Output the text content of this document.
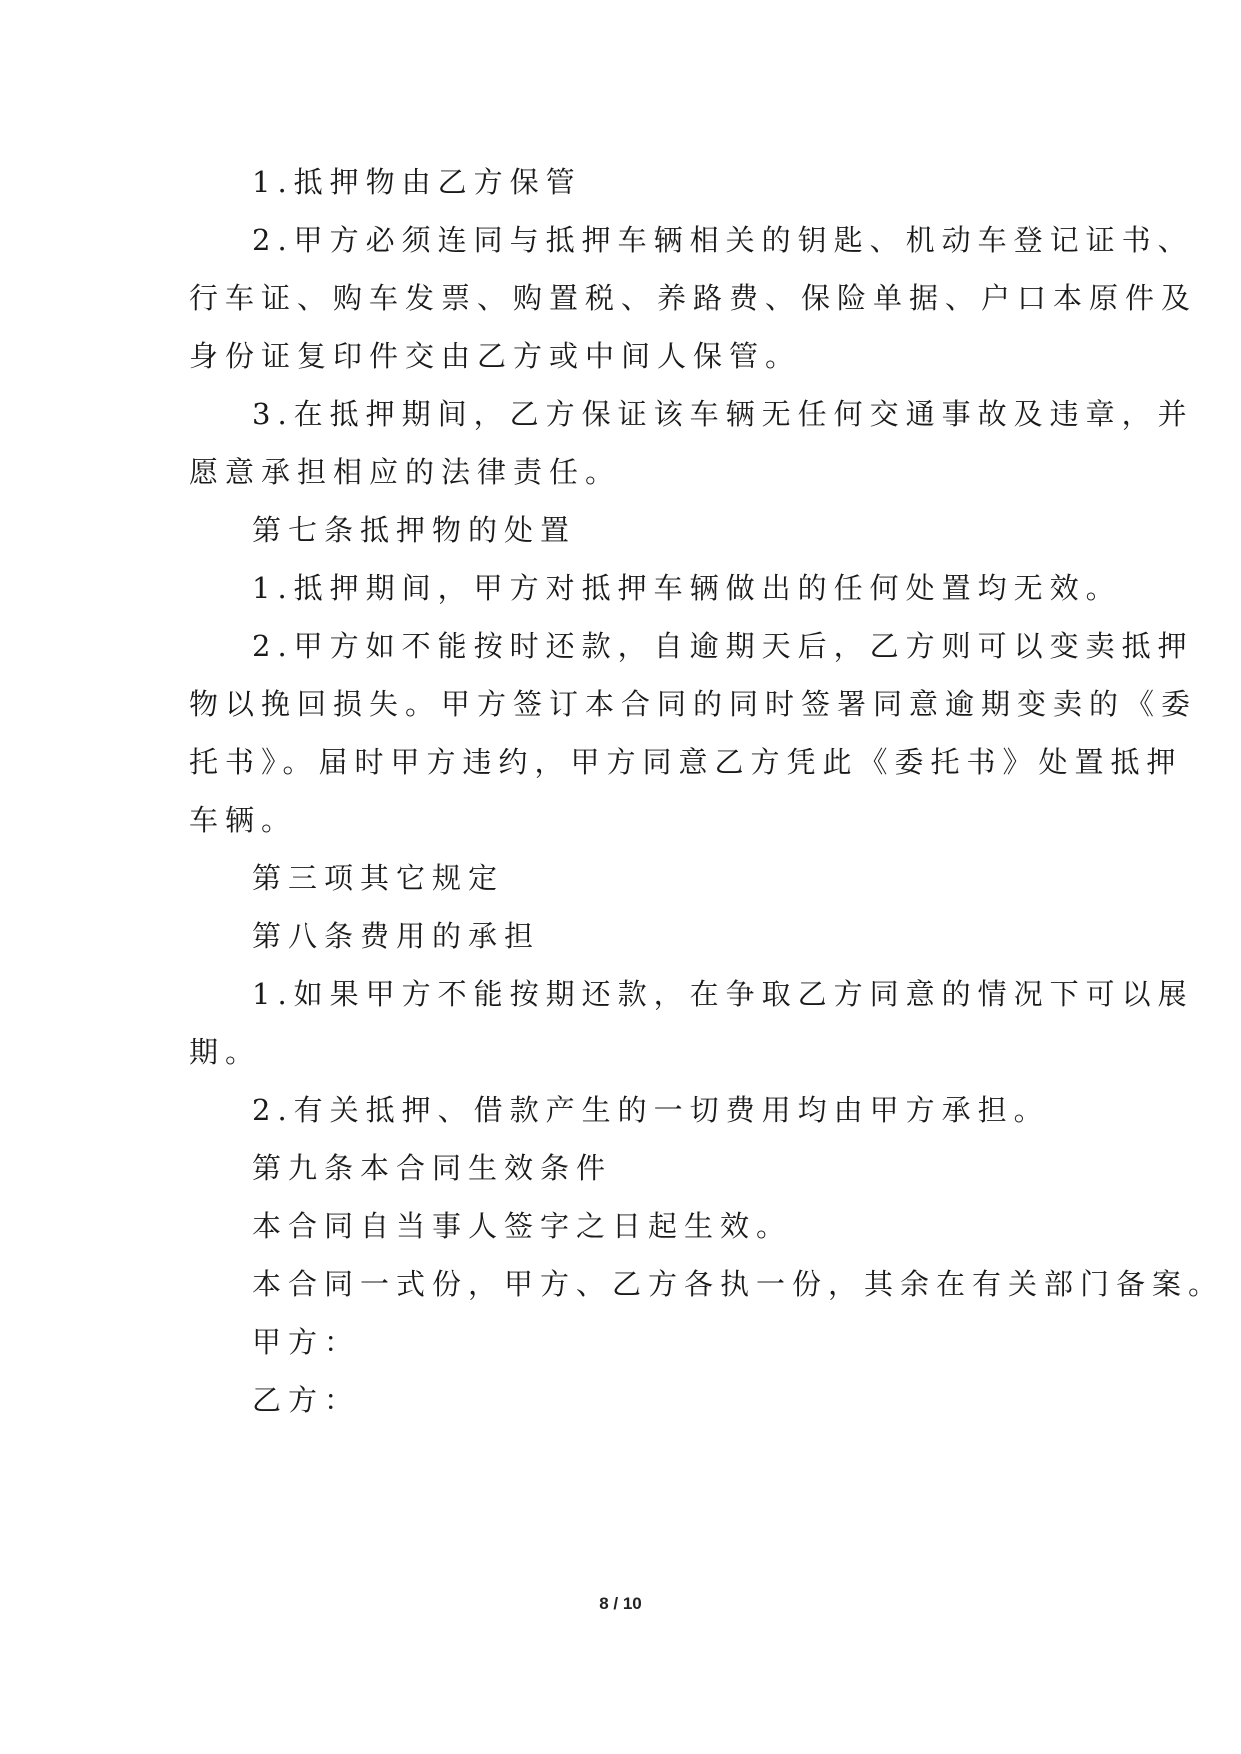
1.抵押物由乙方保管
2.甲方必须连同与抵押车辆相关的钥匙、机动车登记证书、
行车证、购车发票、购置税、养路费、保险单据、户口本原件及
身份证复印件交由乙方或中间人保管。
3.在抵押期间，乙方保证该车辆无任何交通事故及违章，并
愿意承担相应的法律责任。
第七条抵押物的处置
1.抵押期间，甲方对抵押车辆做出的任何处置均无效。
2.甲方如不能按时还款，自逾期天后，乙方则可以变卖抵押
物以挽回损失。甲方签订本合同的同时签署同意逾期变卖的《委
托书》。届时甲方违约，甲方同意乙方凭此《委托书》处置抵押
车辆。
第三项其它规定
第八条费用的承担
1.如果甲方不能按期还款，在争取乙方同意的情况下可以展
期。
2.有关抵押、借款产生的一切费用均由甲方承担。
第九条本合同生效条件
本合同自当事人签字之日起生效。
本合同一式份，甲方、乙方各执一份，其余在有关部门备案。
甲方：
乙方：
8 / 10
